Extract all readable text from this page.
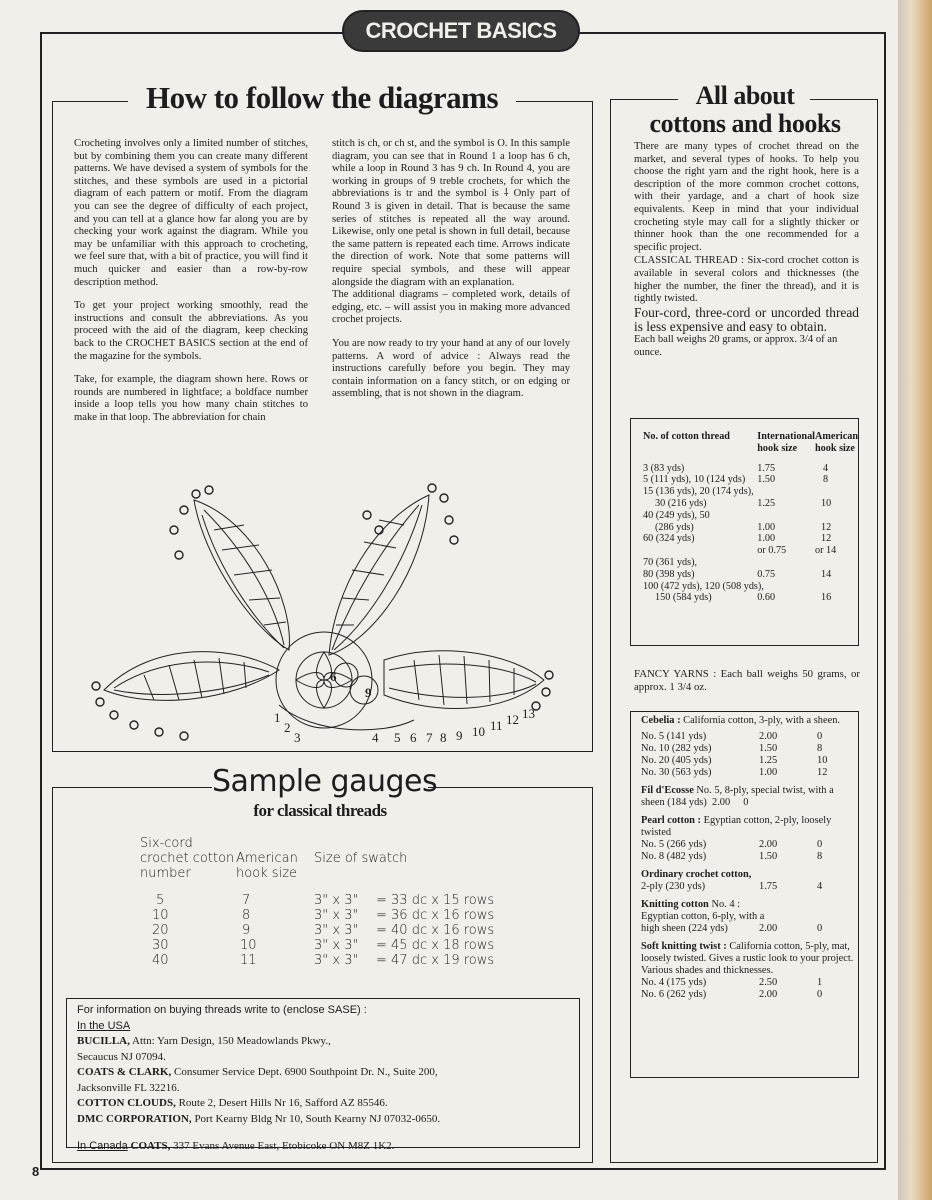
CROCHET BASICS
How to follow the diagrams

Crocheting involves only a limited number of stitches, but by combining them you can create many different patterns. We have devised a system of symbols for the stitches, and these symbols are used in a pictorial diagram of each pattern or motif. From the diagram you can see the degree of difficulty of each project, and you can tell at a glance how far along you are by checking your work against the diagram. While you may be unfamiliar with this approach to crocheting, we feel sure that, with a bit of practice, you will find it much quicker and easier than a row-by-row description method.

To get your project working smoothly, read the instructions and consult the abbreviations. As you proceed with the aid of the diagram, keep checking back to the CROCHET BASICS section at the end of the magazine for the symbols.

Take, for example, the diagram shown here. Rows or rounds are numbered in lightface; a boldface number inside a loop tells you how many chain stitches to make in that loop. The abbreviation for chain

stitch is ch, or ch st, and the symbol is O. In this sample diagram, you can see that in Round 1 a loop has 6 ch, while a loop in Round 3 has 9 ch. In Round 4, you are working in groups of 9 treble crochets, for which the abbreviations is tr and the symbol is ⸸ Only part of Round 3 is given in detail. That is because the same series of stitches is repeated all the way around. Likewise, only one petal is shown in full detail, because the same pattern is repeated each time. Arrows indicate the direction of work. Note that some patterns will require special symbols, and these will appear alongside the diagram with an explanation.

The additional diagrams – completed work, details of edging, etc. – will assist you in making more advanced crochet projects.

You are now ready to try your hand at any of our lovely patterns. A word of advice : Always read the instructions carefully before you begin. They may contain information on a fancy stitch, or on edging or assembling, that is not shown in the diagram.

6
9
1
2
3	4 5 6 7 8 9 10 11 12 13
Sample gauges
for classical threads
Six-cord crochet cotton number	American hook size	Size of swatch	

5	7	3" x 3"	= 33 dc x 15 rows
10	8	3" x 3"	= 36 dc x 16 rows
20	9	3" x 3"	= 40 dc x 16 rows
30	10	3" x 3"	= 45 dc x 18 rows
40	11	3" x 3"	= 47 dc x 19 rows
For information on buying threads write to (enclose SASE) :
In the USA
BUCILLA, Attn: Yarn Design, 150 Meadowlands Pkwy.,
Secaucus NJ 07094.
COATS & CLARK, Consumer Service Dept. 6900 Southpoint Dr. N., Suite 200,
Jacksonville FL 32216.
COTTON CLOUDS, Route 2, Desert Hills Nr 16, Safford AZ 85546.
DMC CORPORATION, Port Kearny Bldg Nr 10, South Kearny NJ 07032-0650.
In Canada COATS, 337 Evans Avenue East, Etobicoke ON M8Z 1K2.
All about
cottons and hooks

There are many types of crochet thread on the market, and several types of hooks. To help you choose the right yarn and the right hook, here is a description of the more common crochet cottons, with their yardage, and a chart of hook size equivalents. Keep in mind that your individual crocheting style may call for a slightly thicker or thinner hook than the one recommended for a specific project.

CLASSICAL THREAD : Six-cord crochet cotton is available in several colors and thicknesses (the higher the number, the finer the thread), and it is tightly twisted.

Four-cord, three-cord or uncorded thread is less expensive and easy to obtain.

Each ball weighs 20 grams, or approx. 3/4 of an ounce.

No. of cotton thread	International hook size	American hook size

3 (83 yds)	1.75	4
5 (111 yds), 10 (124 yds)	1.50	8
15 (136 yds), 20 (174 yds),		
30 (216 yds)	1.25	10
40 (249 yds), 50		
(286 yds)	1.00	12
60 (324 yds)	1.00	12
	or 0.75	or 14
70 (361 yds),		
80 (398 yds)	0.75	14
100 (472 yds), 120 (508 yds),		
150 (584 yds)	0.60	16
FANCY YARNS : Each ball weighs 50 grams, or approx. 1 3/4 oz.
Cebelia : California cotton, 3-ply, with a sheen.
No. 5 (141 yds)	2.00	0
No. 10 (282 yds)	1.50	8
No. 20 (405 yds)	1.25	10
No. 30 (563 yds)	1.00	12
Fil d'Ecosse No. 5, 8-ply, special twist, with a sheen (184 yds) 2.00 0
Pearl cotton : Egyptian cotton, 2-ply, loosely twisted
No. 5 (266 yds)	2.00	0
No. 8 (482 yds)	1.50	8
Ordinary crochet cotton,
2-ply (230 yds)	1.75	4
Knitting cotton No. 4 : Egyptian cotton, 6-ply, with a high sheen (224 yds)	2.00	0
Soft knitting twist : California cotton, 5-ply, mat, loosely twisted. Gives a rustic look to your project. Various shades and thicknesses.
No. 4 (175 yds)	2.50	1
No. 6 (262 yds)	2.00	0
8
